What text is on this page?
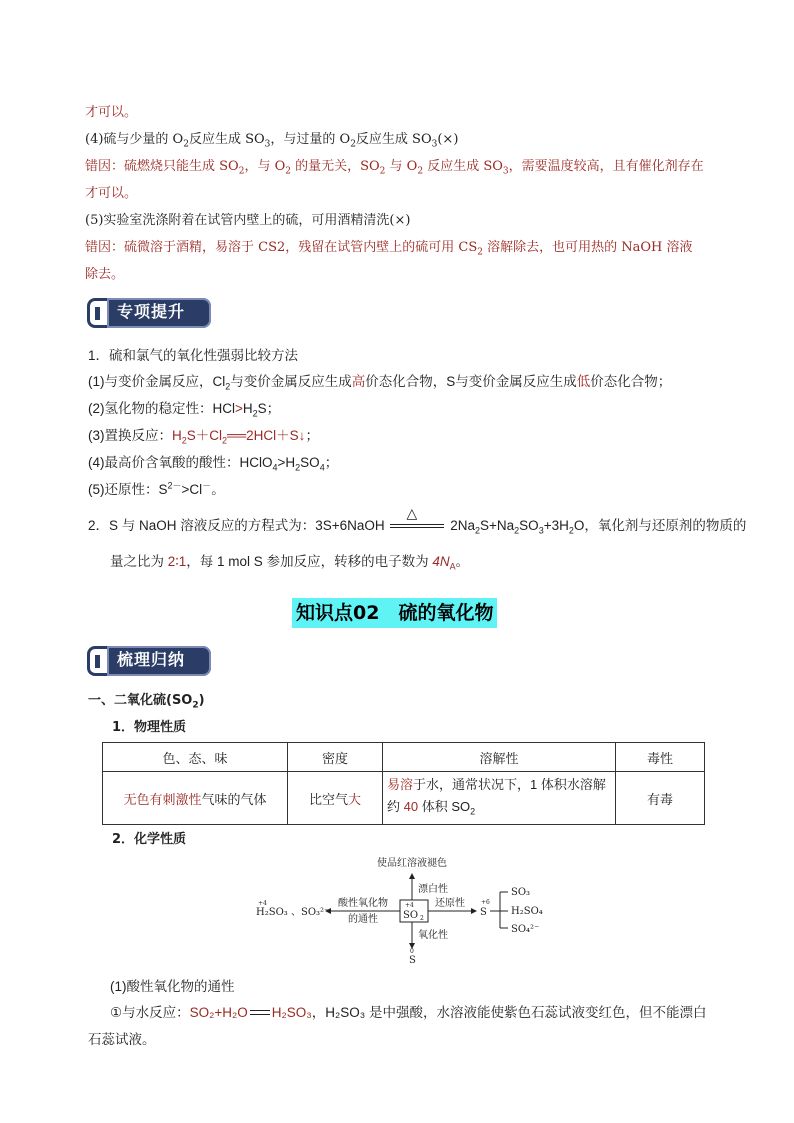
才可以。
(4)硫与少量的 $O_2$反应生成 $SO_3$，与过量的 $O_2$反应生成 $SO_3(\times)$
错因：硫燃烧只能生成 $SO_2$，与 $O_2$ 的量无关，$SO_2$ 与 $O_2$ 反应生成 $SO_3$，需要温度较高，且有催化剂存在
才可以。
(5)实验室洗涤附着在试管内壁上的硫，可用酒精清洗(×)
错因：硫微溶于酒精，易溶于 CS2，残留在试管内壁上的硫可用 $CS_2$ 溶解除去，也可用热的 NaOH 溶液
除去。
专项提升
1．硫和氯气的氧化性强弱比较方法
(1)与变价金属反应，$Cl_2$与变价金属反应生成高价态化合物，S与变价金属反应生成低价态化合物；
(2)氢化物的稳定性：$HCl>H_2S$；
(3)置换反应：$H_2S+Cl_2══2HCl+S↓$；
(4)最高价含氧酸的酸性：$HClO_4>H_2SO_4$；
(5)还原性：$S^{2-}>Cl^-$。
2．S 与 NaOH 溶液反应的方程式为：3S+6NaOH
△
$2Na_2S+Na_2SO_3+3H_2O$，氧化剂与还原剂的物质的
量之比为 2∶1，每 1 mol S 参加反应，转移的电子数为 $4N_A$。
知识点02　硫的氧化物
梳理归纳
一、二氧化硫$(SO_2)$
1．物理性质
色、态、味	密度	溶解性	毒性
无色有刺激性气味的气体	比空气大	易溶于水，通常状况下，1 体积水溶解约 40 体积 $SO_2$	有毒
2．化学性质
使品红溶液褪色
漂白性
+4
SO 2
酸性氧化物
的通性
+4
H₂SO₃ 、SO₃²⁻
还原性	+6
S
SO₃
H₂SO₄
SO₄²⁻
氧化性
0
S
(1)酸性氧化物的通性
①与水反应：SO₂+H₂O H₂SO₃，H₂SO₃ 是中强酸，水溶液能使紫色石蕊试液变红色，但不能漂白
石蕊试液。
